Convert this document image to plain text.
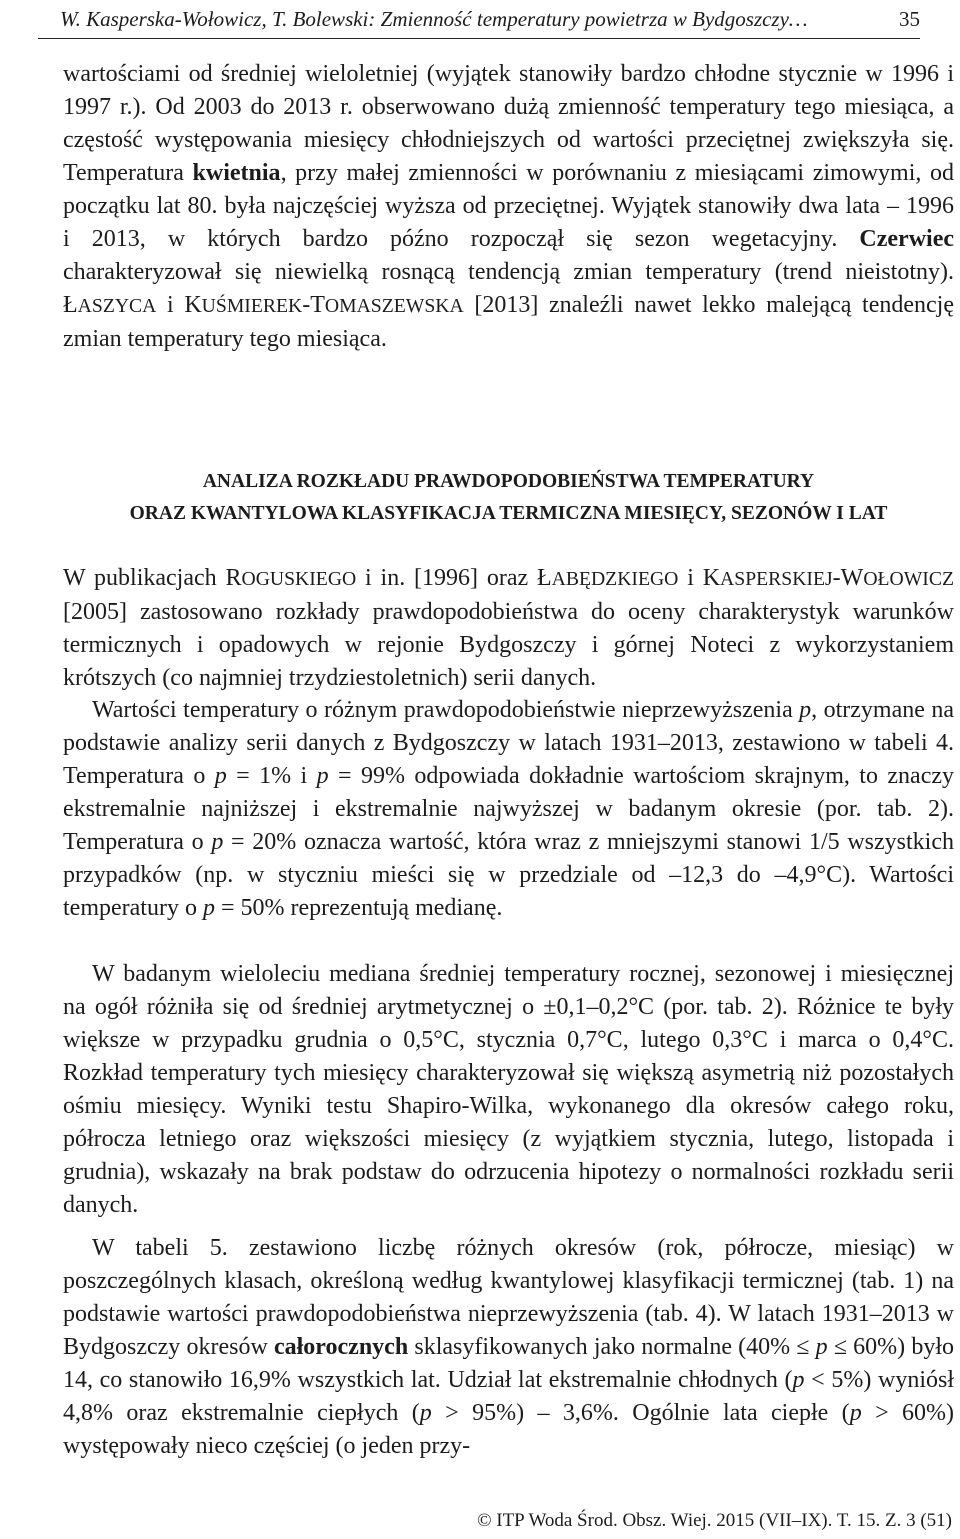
W. Kasperska-Wołowicz, T. Bolewski: Zmienność temperatury powietrza w Bydgoszczy…	35
wartościami od średniej wieloletniej (wyjątek stanowiły bardzo chłodne stycznie w 1996 i 1997 r.). Od 2003 do 2013 r. obserwowano dużą zmienność temperatury tego miesiąca, a częstość występowania miesięcy chłodniejszych od wartości przeciętnej zwiększyła się. Temperatura kwietnia, przy małej zmienności w porównaniu z miesiącami zimowymi, od początku lat 80. była najczęściej wyższa od przeciętnej. Wyjątek stanowiły dwa lata – 1996 i 2013, w których bardzo późno rozpoczął się sezon wegetacyjny. Czerwiec charakteryzował się niewielką rosnącą tendencją zmian temperatury (trend nieistotny). ŁASZYCA i KUŚMIEREK-TOMASZEWSKA [2013] znaleźli nawet lekko malejącą tendencję zmian temperatury tego miesiąca.
ANALIZA ROZKŁADU PRAWDOPODOBIEŃSTWA TEMPERATURY
ORAZ KWANTYLOWA KLASYFIKACJA TERMICZNA MIESIĘCY, SEZONÓW I LAT
W publikacjach ROGUSKIEGO i in. [1996] oraz ŁABĘDZKIEGO i KASPERSKIEJ-WOŁOWICZ [2005] zastosowano rozkłady prawdopodobieństwa do oceny charakterystyk warunków termicznych i opadowych w rejonie Bydgoszczy i górnej Noteci z wykorzystaniem krótszych (co najmniej trzydziestoletnich) serii danych.
Wartości temperatury o różnym prawdopodobieństwie nieprzewyższenia p, otrzymane na podstawie analizy serii danych z Bydgoszczy w latach 1931–2013, zestawiono w tabeli 4. Temperatura o p = 1% i p = 99% odpowiada dokładnie wartościom skrajnym, to znaczy ekstremalnie najniższej i ekstremalnie najwyższej w badanym okresie (por. tab. 2). Temperatura o p = 20% oznacza wartość, która wraz z mniejszymi stanowi 1/5 wszystkich przypadków (np. w styczniu mieści się w przedziale od –12,3 do –4,9°C). Wartości temperatury o p = 50% reprezentują medianę.
W badanym wieloleciu mediana średniej temperatury rocznej, sezonowej i miesięcznej na ogół różniła się od średniej arytmetycznej o ±0,1–0,2°C (por. tab. 2). Różnice te były większe w przypadku grudnia o 0,5°C, stycznia 0,7°C, lutego 0,3°C i marca o 0,4°C. Rozkład temperatury tych miesięcy charakteryzował się większą asymetrią niż pozostałych ośmiu miesięcy. Wyniki testu Shapiro-Wilka, wykonanego dla okresów całego roku, półrocza letniego oraz większości miesięcy (z wyjątkiem stycznia, lutego, listopada i grudnia), wskazały na brak podstaw do odrzucenia hipotezy o normalności rozkładu serii danych.
W tabeli 5. zestawiono liczbę różnych okresów (rok, półrocze, miesiąc) w poszczególnych klasach, określoną według kwantylowej klasyfikacji termicznej (tab. 1) na podstawie wartości prawdopodobieństwa nieprzewyższenia (tab. 4). W latach 1931–2013 w Bydgoszczy okresów całorocznych sklasyfikowanych jako normalne (40% ≤ p ≤ 60%) było 14, co stanowiło 16,9% wszystkich lat. Udział lat ekstremalnie chłodnych (p < 5%) wyniósł 4,8% oraz ekstremalnie ciepłych (p > 95%) – 3,6%. Ogólnie lata ciepłe (p > 60%) występowały nieco częściej (o jeden przy-
© ITP Woda Środ. Obsz. Wiej. 2015 (VII–IX). T. 15. Z. 3 (51)
